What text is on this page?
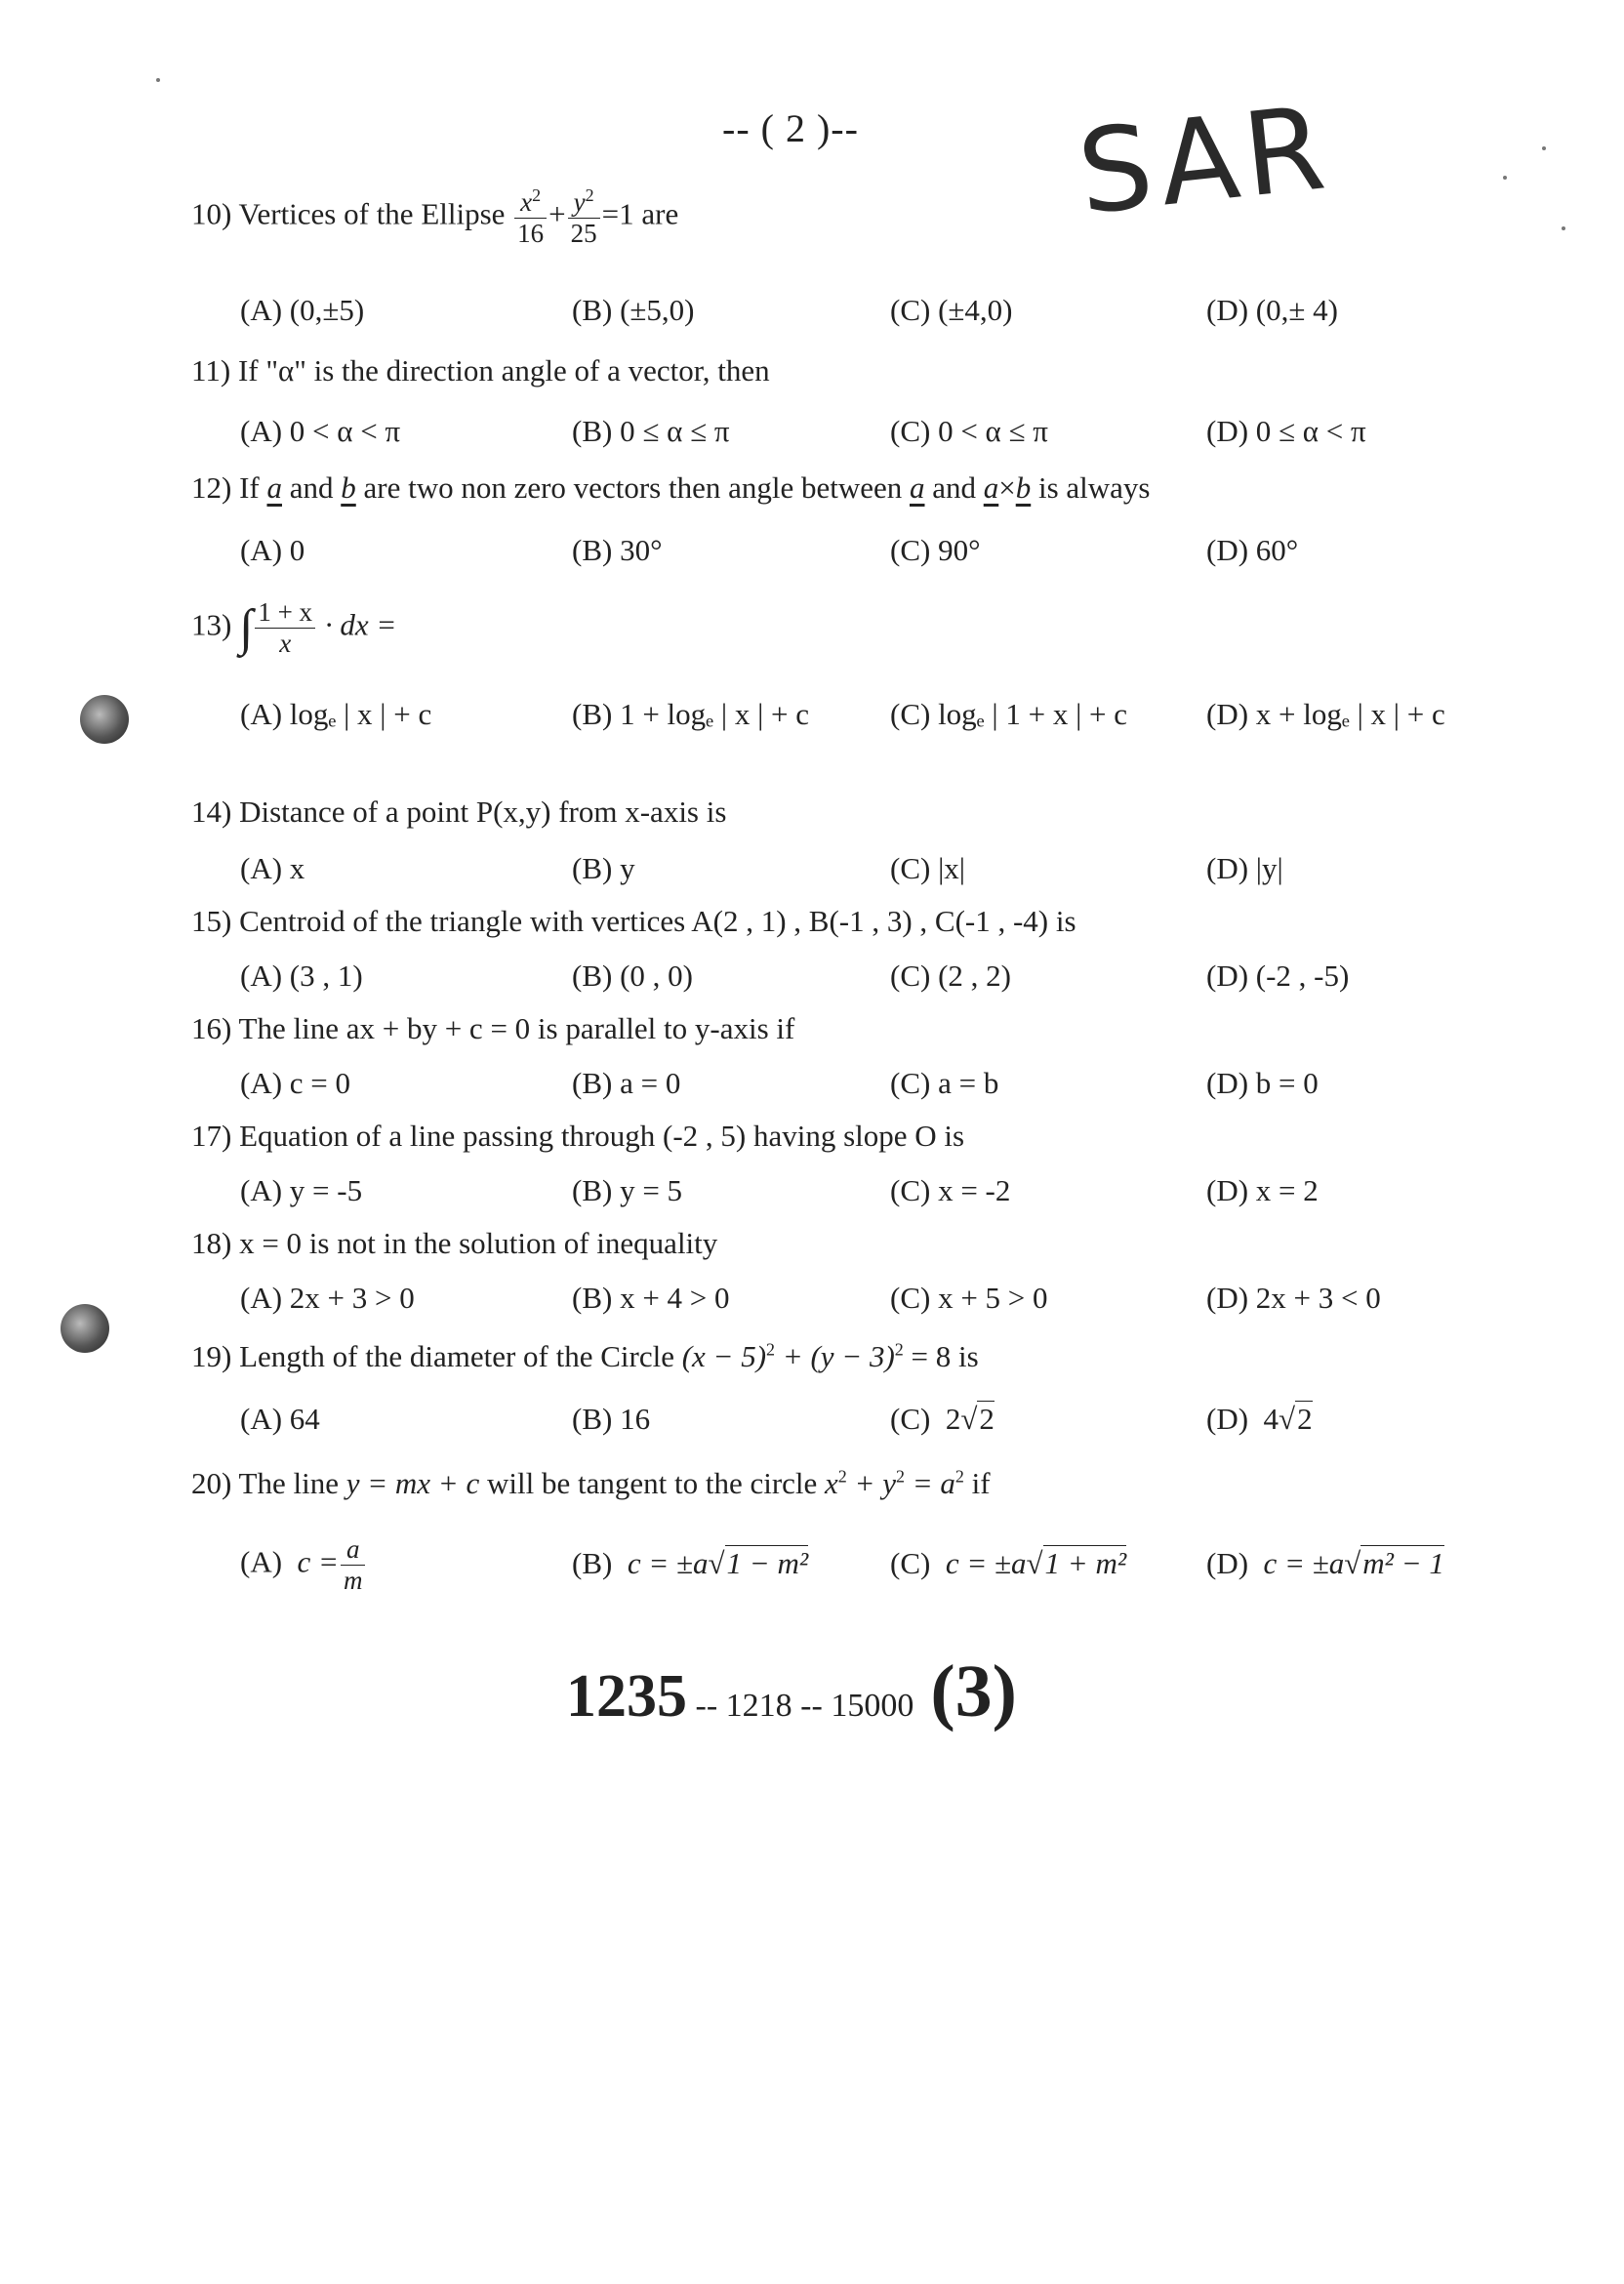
-- ( 2 )-- SAR
10) Vertices of the Ellipse $\frac{x^2}{16} + \frac{y^2}{25} =1$ are
(A) (0,±5)	(B) (±5,0)	(C) (±4,0)	(D) (0,± 4)
11) If "α" is the direction angle of a vector, then
(A) 0 < α < π	(B) 0 ≤ α ≤ π	(C) 0 < α ≤ π	(D) 0 ≤ α < π
12) If a and b are two non zero vectors then angle between a and a×b is always
(A) 0	(B) 30°	(C) 90°	(D) 60°
13) ∫ $\frac{1 + x}{x}$ · dx =
(A) logₑ | x | + c	(B) 1 + logₑ | x | + c	(C) logₑ | 1 + x | + c	(D) x + logₑ | x | + c
14) Distance of a point P(x,y) from x-axis is
(A) x	(B) y	(C) |x|	(D) |y|
15) Centroid of the triangle with vertices A(2 , 1) , B(-1 , 3) , C(-1 , -4) is
(A) (3 , 1)	(B) (0 , 0)	(C) (2 , 2)	(D) (-2 , -5)
16) The line ax + by + c = 0 is parallel to y-axis if
(A) c = 0	(B) a = 0	(C) a = b	(D) b = 0
17) Equation of a line passing through (-2 , 5) having slope O is
(A) y = -5	(B) y = 5	(C) x = -2	(D) x = 2
18) x = 0 is not in the solution of inequality
(A) 2x + 3 > 0	(B) x + 4 > 0	(C) x + 5 > 0	(D) 2x + 3 < 0
19) Length of the diameter of the Circle $(x - 5)^2 + (y - 3)^2 = 8$ is
(A) 64	(B) 16	(C) 2√2	(D) 4√2
20) The line y = mx + c will be tangent to the circle $x^2 + y^2 = a^2$ if
(A) $c = \frac{a}{m}$	(B) c = ±a√1 − m²	(C) c = ±a√1 + m²	(D) c = ±a√m² − 1
1235 -- 1218 -- 15000 (3)
